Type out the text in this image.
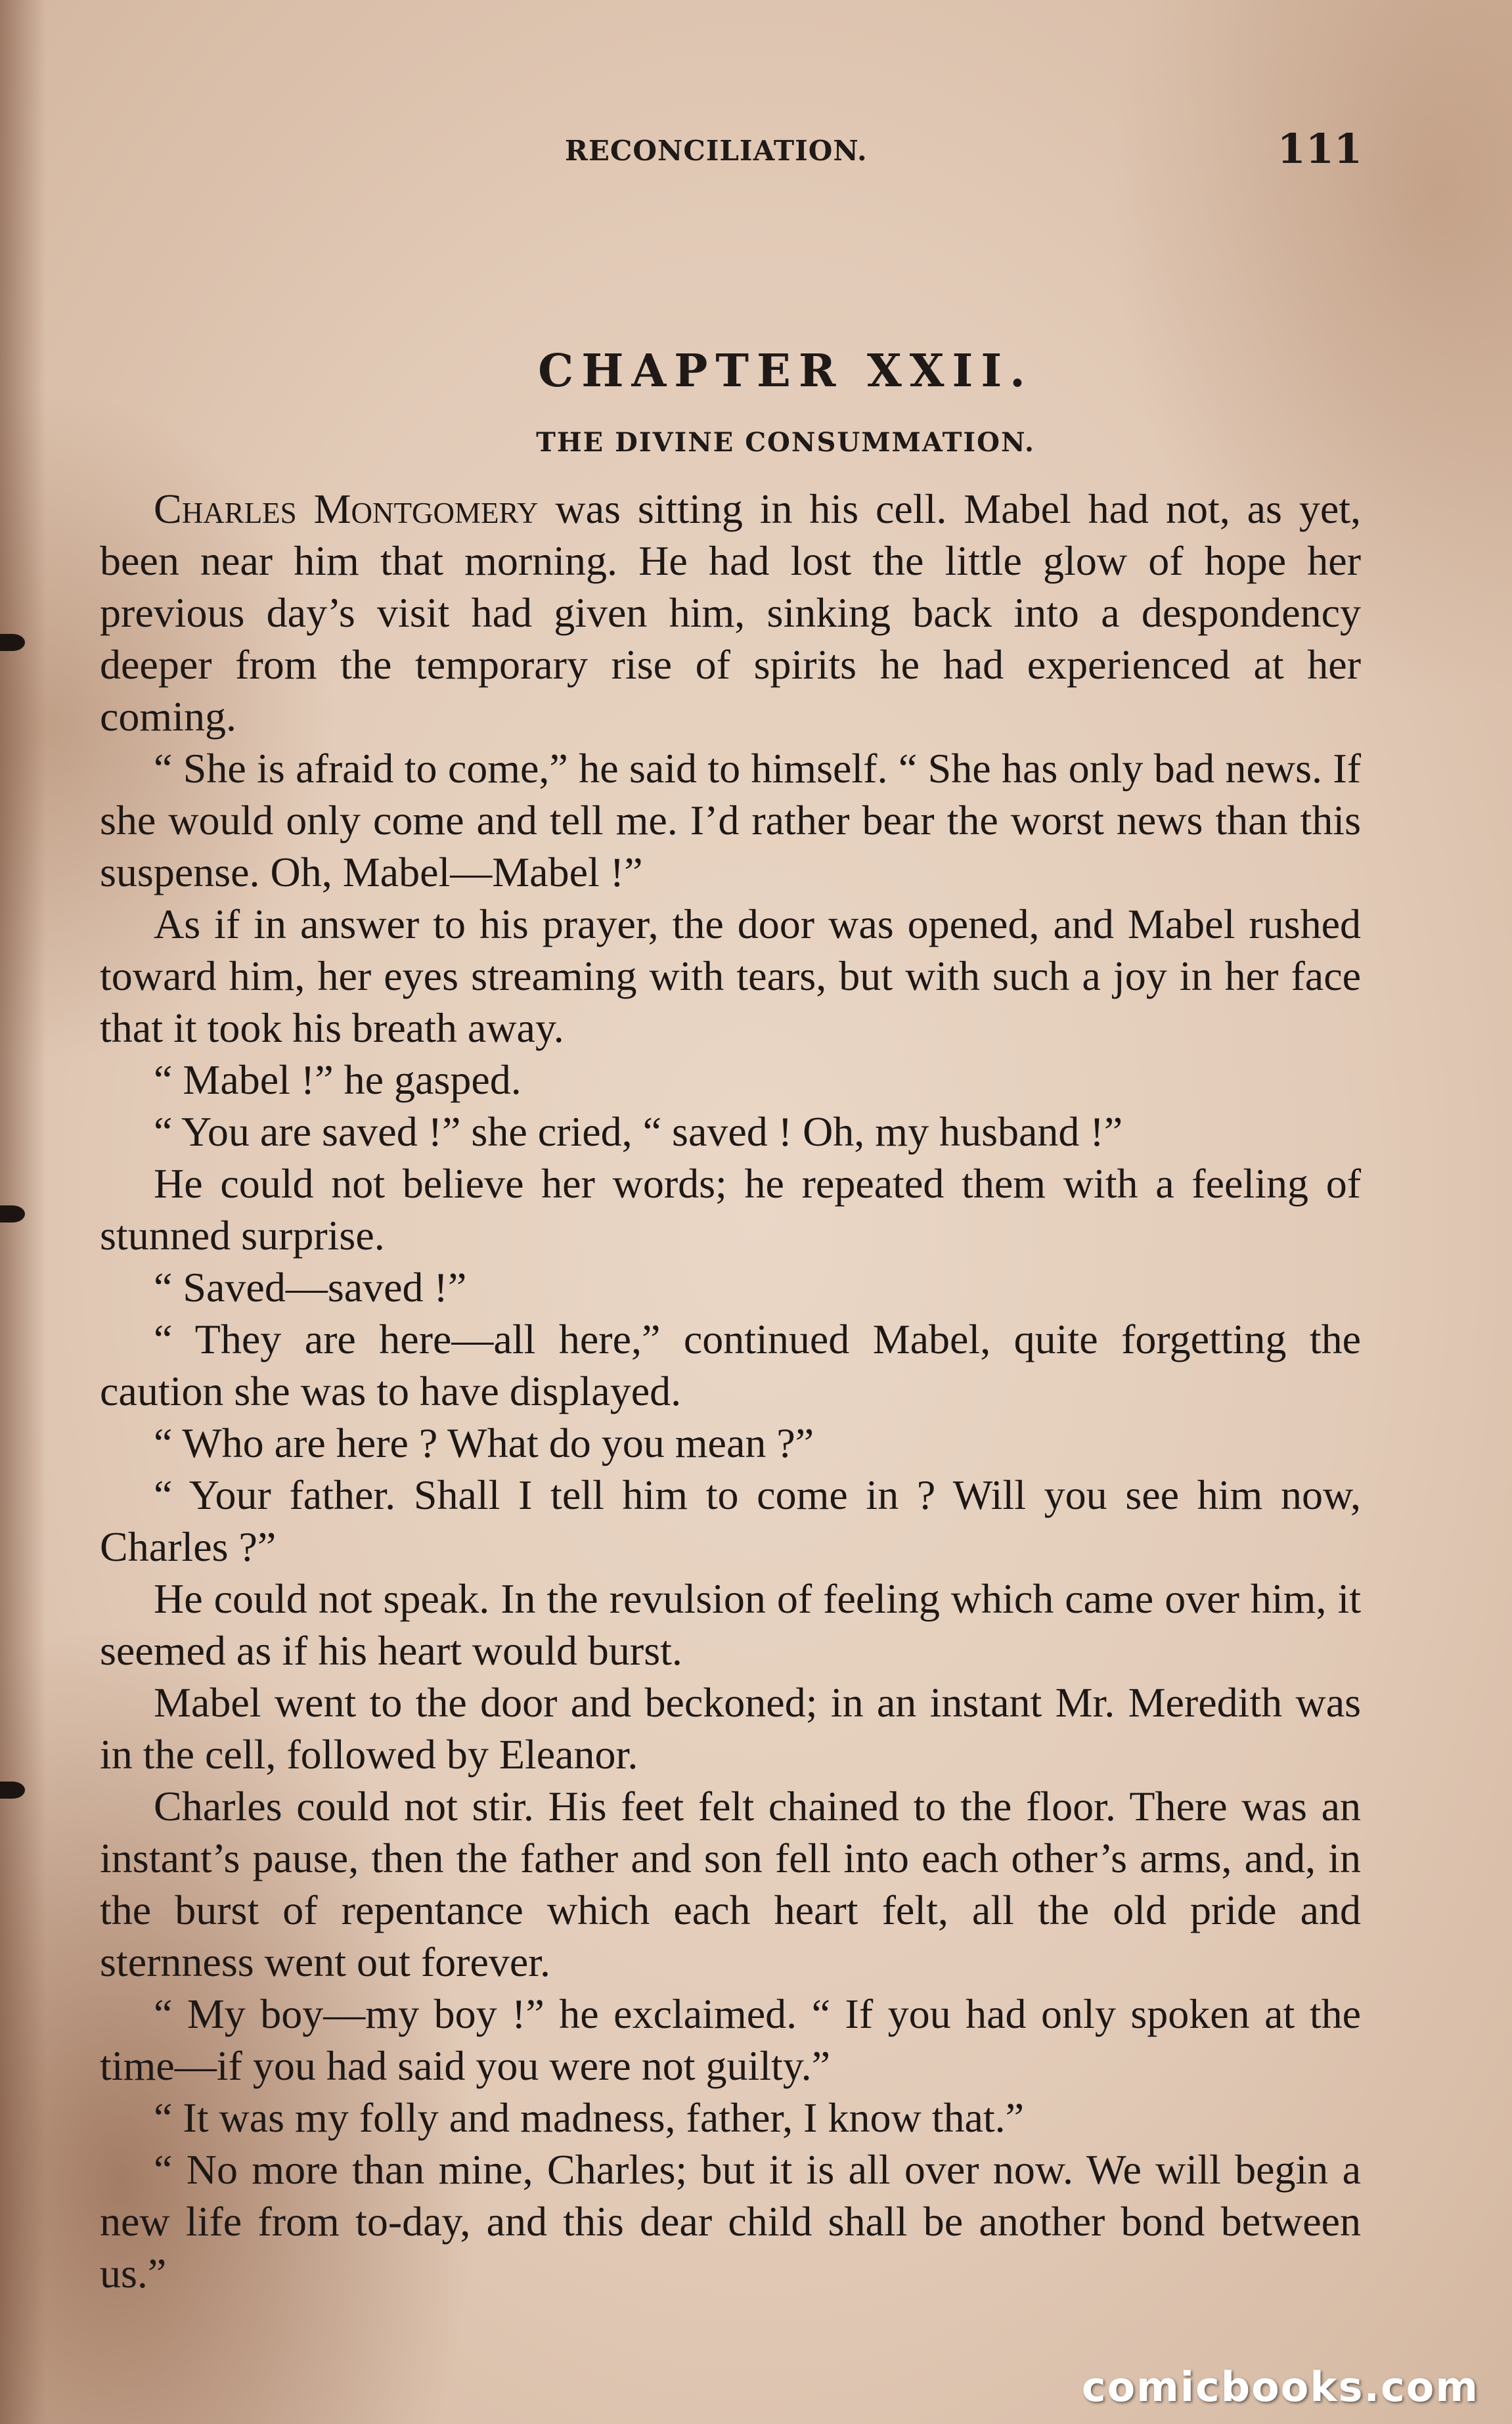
RECONCILIATION.	111
CHAPTER XXII.
THE DIVINE CONSUMMATION.

Charles Montgomery was sitting in his cell. Mabel had not, as yet, been near him that morning. He had lost the little glow of hope her previous day’s visit had given him, sinking back into a despondency deeper from the temporary rise of spirits he had experienced at her coming.

“ She is afraid to come,” he said to himself. “ She has only bad news. If she would only come and tell me. I’d rather bear the worst news than this suspense. Oh, Mabel—Mabel !”

As if in answer to his prayer, the door was opened, and Mabel rushed toward him, her eyes streaming with tears, but with such a joy in her face that it took his breath away.

“ Mabel !” he gasped.

“ You are saved !” she cried, “ saved ! Oh, my husband !”

He could not believe her words; he repeated them with a feeling of stunned surprise.

“ Saved—saved !”

“ They are here—all here,” continued Mabel, quite forgetting the caution she was to have displayed.

“ Who are here ? What do you mean ?”

“ Your father. Shall I tell him to come in ? Will you see him now, Charles ?”

He could not speak. In the revulsion of feeling which came over him, it seemed as if his heart would burst.

Mabel went to the door and beckoned; in an instant Mr. Meredith was in the cell, followed by Eleanor.

Charles could not stir. His feet felt chained to the floor. There was an instant’s pause, then the father and son fell into each other’s arms, and, in the burst of repentance which each heart felt, all the old pride and sternness went out forever.

“ My boy—my boy !” he exclaimed. “ If you had only spoken at the time—if you had said you were not guilty.”

“ It was my folly and madness, father, I know that.”

“ No more than mine, Charles; but it is all over now. We will begin a new life from to-day, and this dear child shall be another bond between us.”

comicbooks.com
